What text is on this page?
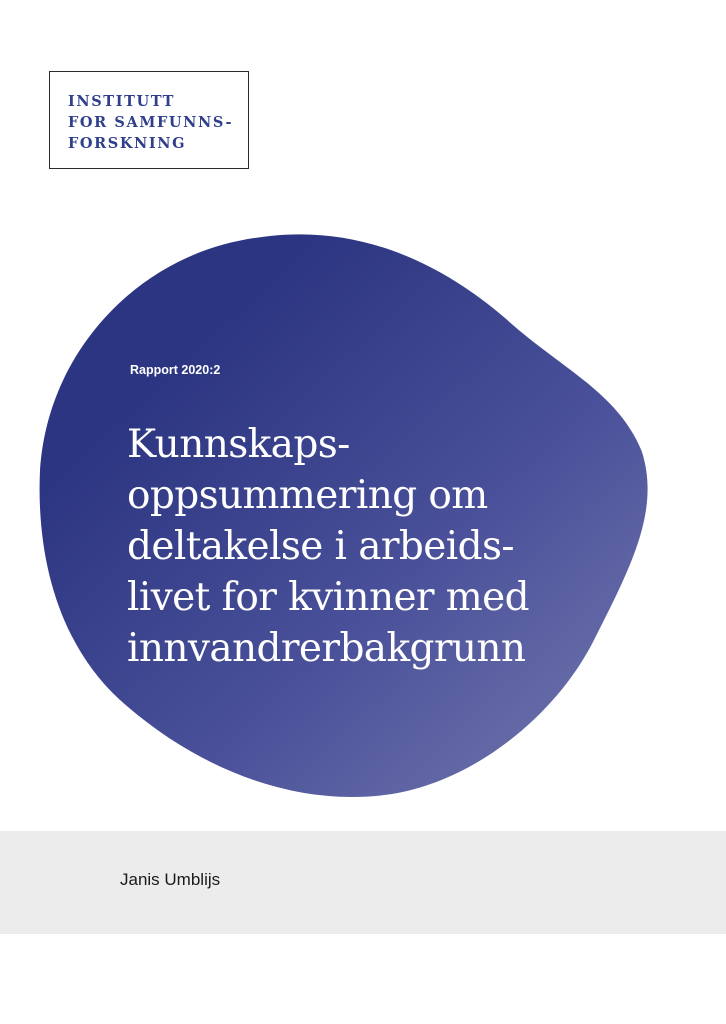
INSTITUTT
FOR SAMFUNNS-
FORSKNING
Rapport 2020:2
Kunnskaps-
oppsummering om
deltakelse i arbeids-
livet for kvinner med
innvandrerbakgrunn
Janis Umblijs
